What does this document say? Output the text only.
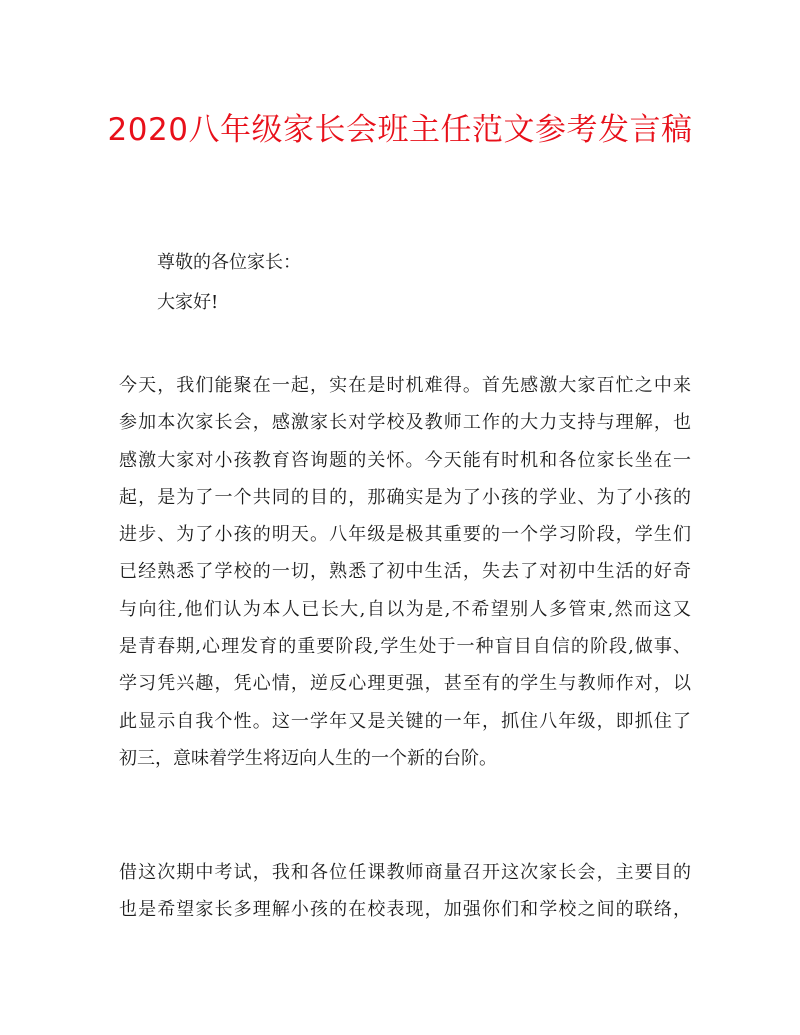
2020八年级家长会班主任范文参考发言稿
尊敬的各位家长：
大家好!
今天，我们能聚在一起，实在是时机难得。首先感激大家百忙之中来
参加本次家长会，感激家长对学校及教师工作的大力支持与理解，也
感激大家对小孩教育咨询题的关怀。今天能有时机和各位家长坐在一
起，是为了一个共同的目的，那确实是为了小孩的学业、为了小孩的
进步、为了小孩的明天。八年级是极其重要的一个学习阶段，学生们
已经熟悉了学校的一切，熟悉了初中生活，失去了对初中生活的好奇
与向往,他们认为本人已长大,自以为是,不希望别人多管束,然而这又
是青春期,心理发育的重要阶段,学生处于一种盲目自信的阶段,做事、
学习凭兴趣，凭心情，逆反心理更强，甚至有的学生与教师作对，以
此显示自我个性。这一学年又是关键的一年，抓住八年级，即抓住了
初三，意味着学生将迈向人生的一个新的台阶。
借这次期中考试，我和各位任课教师商量召开这次家长会，主要目的
也是希望家长多理解小孩的在校表现，加强你们和学校之间的联络，
